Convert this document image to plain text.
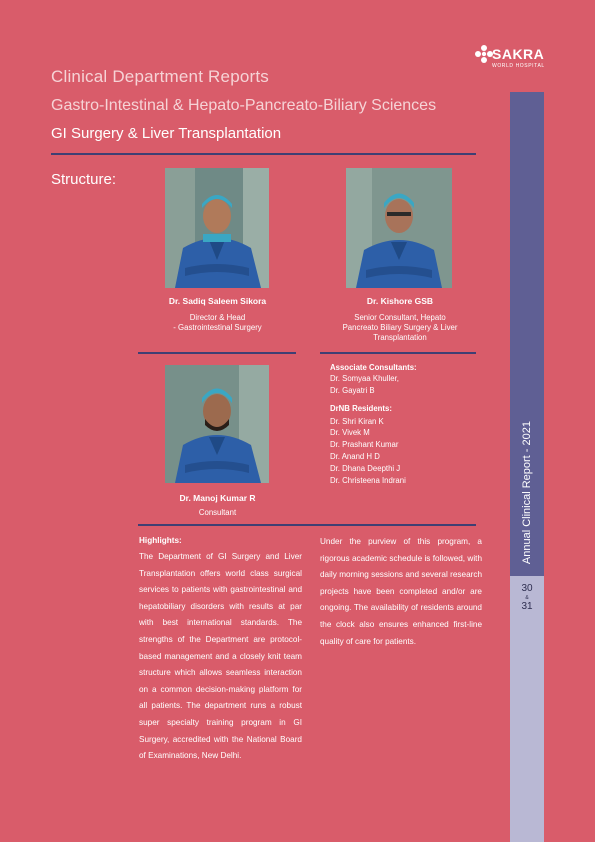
SAKRA
WORLD HOSPITAL
Clinical Department Reports
Gastro-Intestinal & Hepato-Pancreato-Biliary Sciences
GI Surgery & Liver Transplantation
Structure:
Dr. Sadiq Saleem Sikora
Director & Head
- Gastrointestinal Surgery
Dr. Kishore GSB
Senior Consultant, Hepato
Pancreato Biliary Surgery & Liver
Transplantation
Dr. Manoj Kumar R
Consultant
Associate Consultants:
Dr. Somyaa Khuller,
Dr. Gayatri B
DrNB Residents:
Dr. Shri Kiran K
Dr. Vivek M
Dr. Prashant Kumar
Dr. Anand H D
Dr. Dhana Deepthi J
Dr. Christeena Indrani
Highlights:
The Department of GI Surgery and Liver Transplantation offers world class surgical services to patients with gastrointestinal and hepatobiliary disorders with results at par with best international standards. The strengths of the Department are protocol-based management and a closely knit team structure which allows seamless interaction on a common decision-making platform for all patients. The department runs a robust super specialty training program in GI Surgery, accredited with the National Board of Examinations, New Delhi.
Under the purview of this program, a rigorous academic schedule is followed, with daily morning sessions and several research projects have been completed and/or are ongoing. The availability of residents around the clock also ensures enhanced first-line quality of care for patients.
Annual Clinical Report - 2021
30
&
31
